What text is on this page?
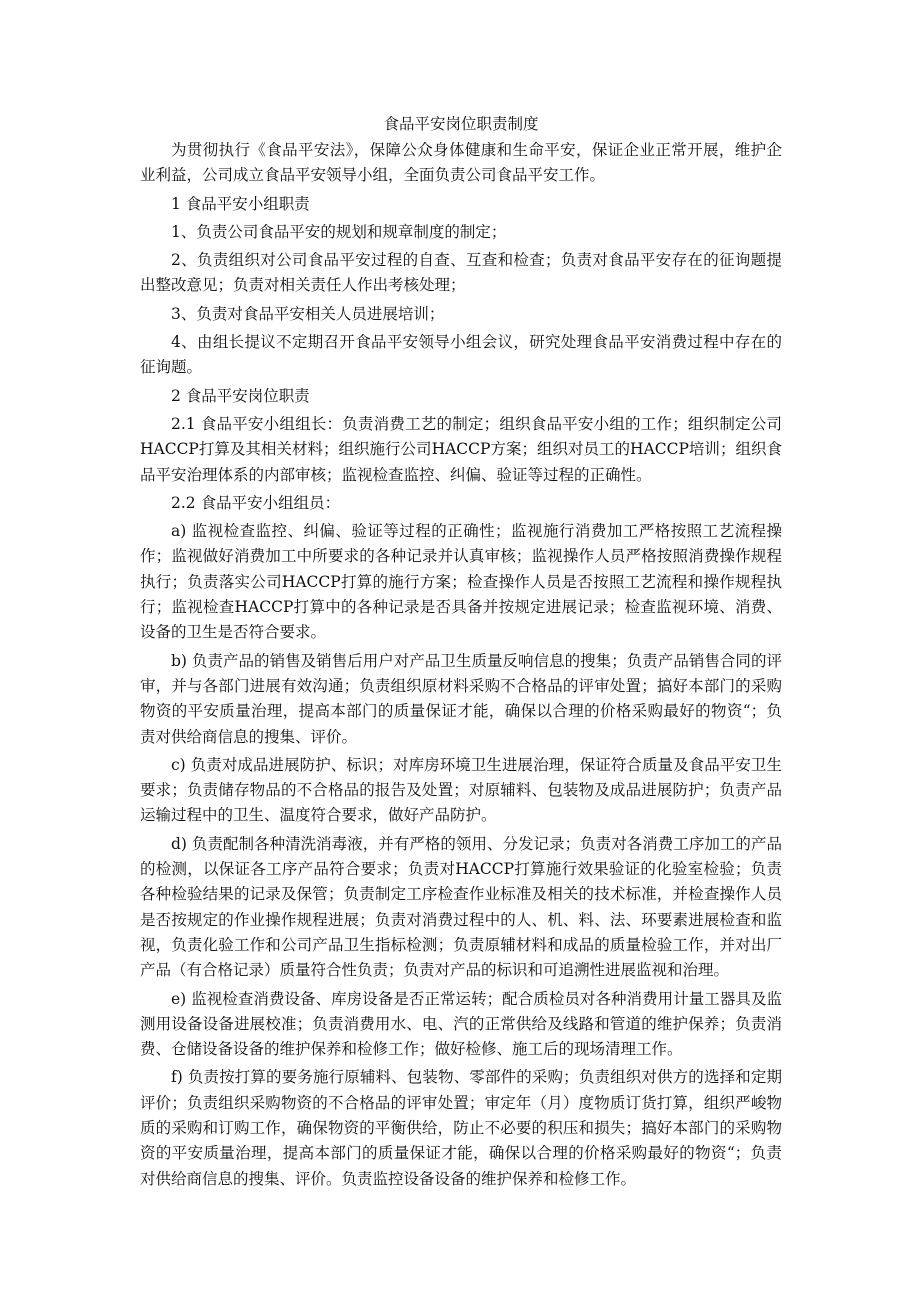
食品平安岗位职责制度

为贯彻执行《食品平安法》，保障公众身体健康和生命平安，保证企业正常开展，维护企业利益，公司成立食品平安领导小组，全面负责公司食品平安工作。

1 食品平安小组职责

1、负责公司食品平安的规划和规章制度的制定；

2、负责组织对公司食品平安过程的自查、互查和检查；负责对食品平安存在的征询题提出整改意见；负责对相关责任人作出考核处理；

3、负责对食品平安相关人员进展培训；

4、由组长提议不定期召开食品平安领导小组会议，研究处理食品平安消费过程中存在的征询题。

2 食品平安岗位职责

2.1 食品平安小组组长：负责消费工艺的制定；组织食品平安小组的工作；组织制定公司HACCP打算及其相关材料；组织施行公司HACCP方案；组织对员工的HACCP培训；组织食品平安治理体系的内部审核；监视检查监控、纠偏、验证等过程的正确性。

2.2 食品平安小组组员：

a) 监视检查监控、纠偏、验证等过程的正确性；监视施行消费加工严格按照工艺流程操作；监视做好消费加工中所要求的各种记录并认真审核；监视操作人员严格按照消费操作规程执行；负责落实公司HACCP打算的施行方案；检查操作人员是否按照工艺流程和操作规程执行；监视检查HACCP打算中的各种记录是否具备并按规定进展记录；检查监视环境、消费、设备的卫生是否符合要求。

b) 负责产品的销售及销售后用户对产品卫生质量反响信息的搜集；负责产品销售合同的评审，并与各部门进展有效沟通；负责组织原材料采购不合格品的评审处置；搞好本部门的采购物资的平安质量治理，提高本部门的质量保证才能，确保以合理的价格采购最好的物资“；负责对供给商信息的搜集、评价。

c) 负责对成品进展防护、标识；对库房环境卫生进展治理，保证符合质量及食品平安卫生要求；负责储存物品的不合格品的报告及处置；对原辅料、包装物及成品进展防护；负责产品运输过程中的卫生、温度符合要求，做好产品防护。

d) 负责配制各种清洗消毒液，并有严格的领用、分发记录；负责对各消费工序加工的产品的检测，以保证各工序产品符合要求；负责对HACCP打算施行效果验证的化验室检验；负责各种检验结果的记录及保管；负责制定工序检查作业标准及相关的技术标准，并检查操作人员是否按规定的作业操作规程进展；负责对消费过程中的人、机、料、法、环要素进展检查和监视，负责化验工作和公司产品卫生指标检测；负责原辅材料和成品的质量检验工作，并对出厂产品（有合格记录）质量符合性负责；负责对产品的标识和可追溯性进展监视和治理。

e) 监视检查消费设备、库房设备是否正常运转；配合质检员对各种消费用计量工器具及监测用设备设备进展校准；负责消费用水、电、汽的正常供给及线路和管道的维护保养；负责消费、仓储设备设备的维护保养和检修工作；做好检修、施工后的现场清理工作。

f) 负责按打算的要务施行原辅料、包装物、零部件的采购；负责组织对供方的选择和定期评价；负责组织采购物资的不合格品的评审处置；审定年（月）度物质订货打算，组织严峻物质的采购和订购工作，确保物资的平衡供给，防止不必要的积压和损失；搞好本部门的采购物资的平安质量治理，提高本部门的质量保证才能，确保以合理的价格采购最好的物资“；负责对供给商信息的搜集、评价。负责监控设备设备的维护保养和检修工作。
